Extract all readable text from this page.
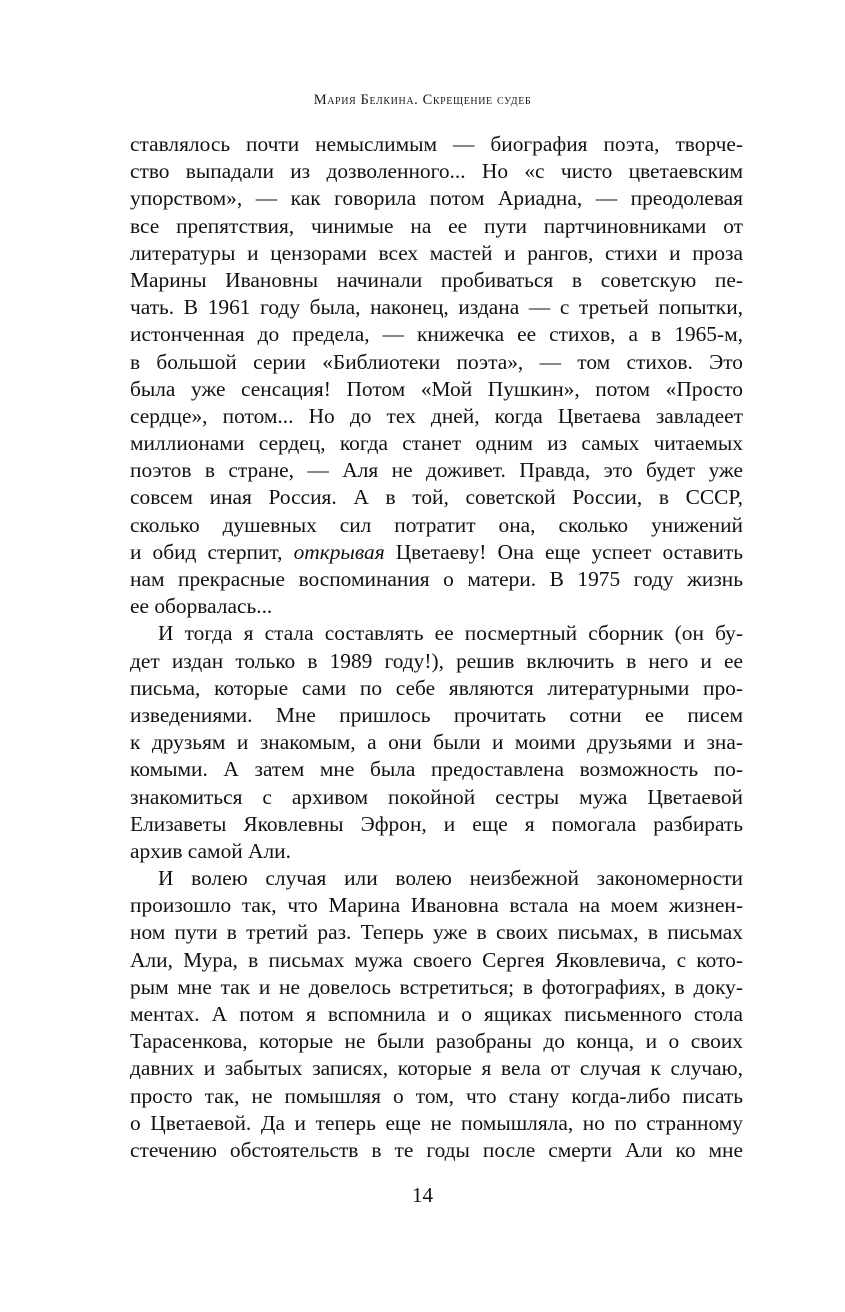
Мария Белкина. Скрещение судеб
ставлялось почти немыслимым — биография поэта, творче-
ство выпадали из дозволенного... Но «с чисто цветаевским
упорством», — как говорила потом Ариадна, — преодолевая
все препятствия, чинимые на ее пути партчиновниками от
литературы и цензорами всех мастей и рангов, стихи и проза
Марины Ивановны начинали пробиваться в советскую пе-
чать. В 1961 году была, наконец, издана — с третьей попытки,
истонченная до предела, — книжечка ее стихов, а в 1965-м,
в большой серии «Библиотеки поэта», — том стихов. Это
была уже сенсация! Потом «Мой Пушкин», потом «Просто
сердце», потом... Но до тех дней, когда Цветаева завладеет
миллионами сердец, когда станет одним из самых читаемых
поэтов в стране, — Аля не доживет. Правда, это будет уже
совсем иная Россия. А в той, советской России, в СССР,
сколько душевных сил потратит она, сколько унижений
и обид стерпит, открывая Цветаеву! Она еще успеет оставить
нам прекрасные воспоминания о матери. В 1975 году жизнь
ее оборвалась...
И тогда я стала составлять ее посмертный сборник (он бу-
дет издан только в 1989 году!), решив включить в него и ее
письма, которые сами по себе являются литературными про-
изведениями. Мне пришлось прочитать сотни ее писем
к друзьям и знакомым, а они были и моими друзьями и зна-
комыми. А затем мне была предоставлена возможность по-
знакомиться с архивом покойной сестры мужа Цветаевой
Елизаветы Яковлевны Эфрон, и еще я помогала разбирать
архив самой Али.
И волею случая или волею неизбежной закономерности
произошло так, что Марина Ивановна встала на моем жизнен-
ном пути в третий раз. Теперь уже в своих письмах, в письмах
Али, Мура, в письмах мужа своего Сергея Яковлевича, с кото-
рым мне так и не довелось встретиться; в фотографиях, в доку-
ментах. А потом я вспомнила и о ящиках письменного стола
Тарасенкова, которые не были разобраны до конца, и о своих
давних и забытых записях, которые я вела от случая к случаю,
просто так, не помышляя о том, что стану когда-либо писать
о Цветаевой. Да и теперь еще не помышляла, но по странному
стечению обстоятельств в те годы после смерти Али ко мне
14
